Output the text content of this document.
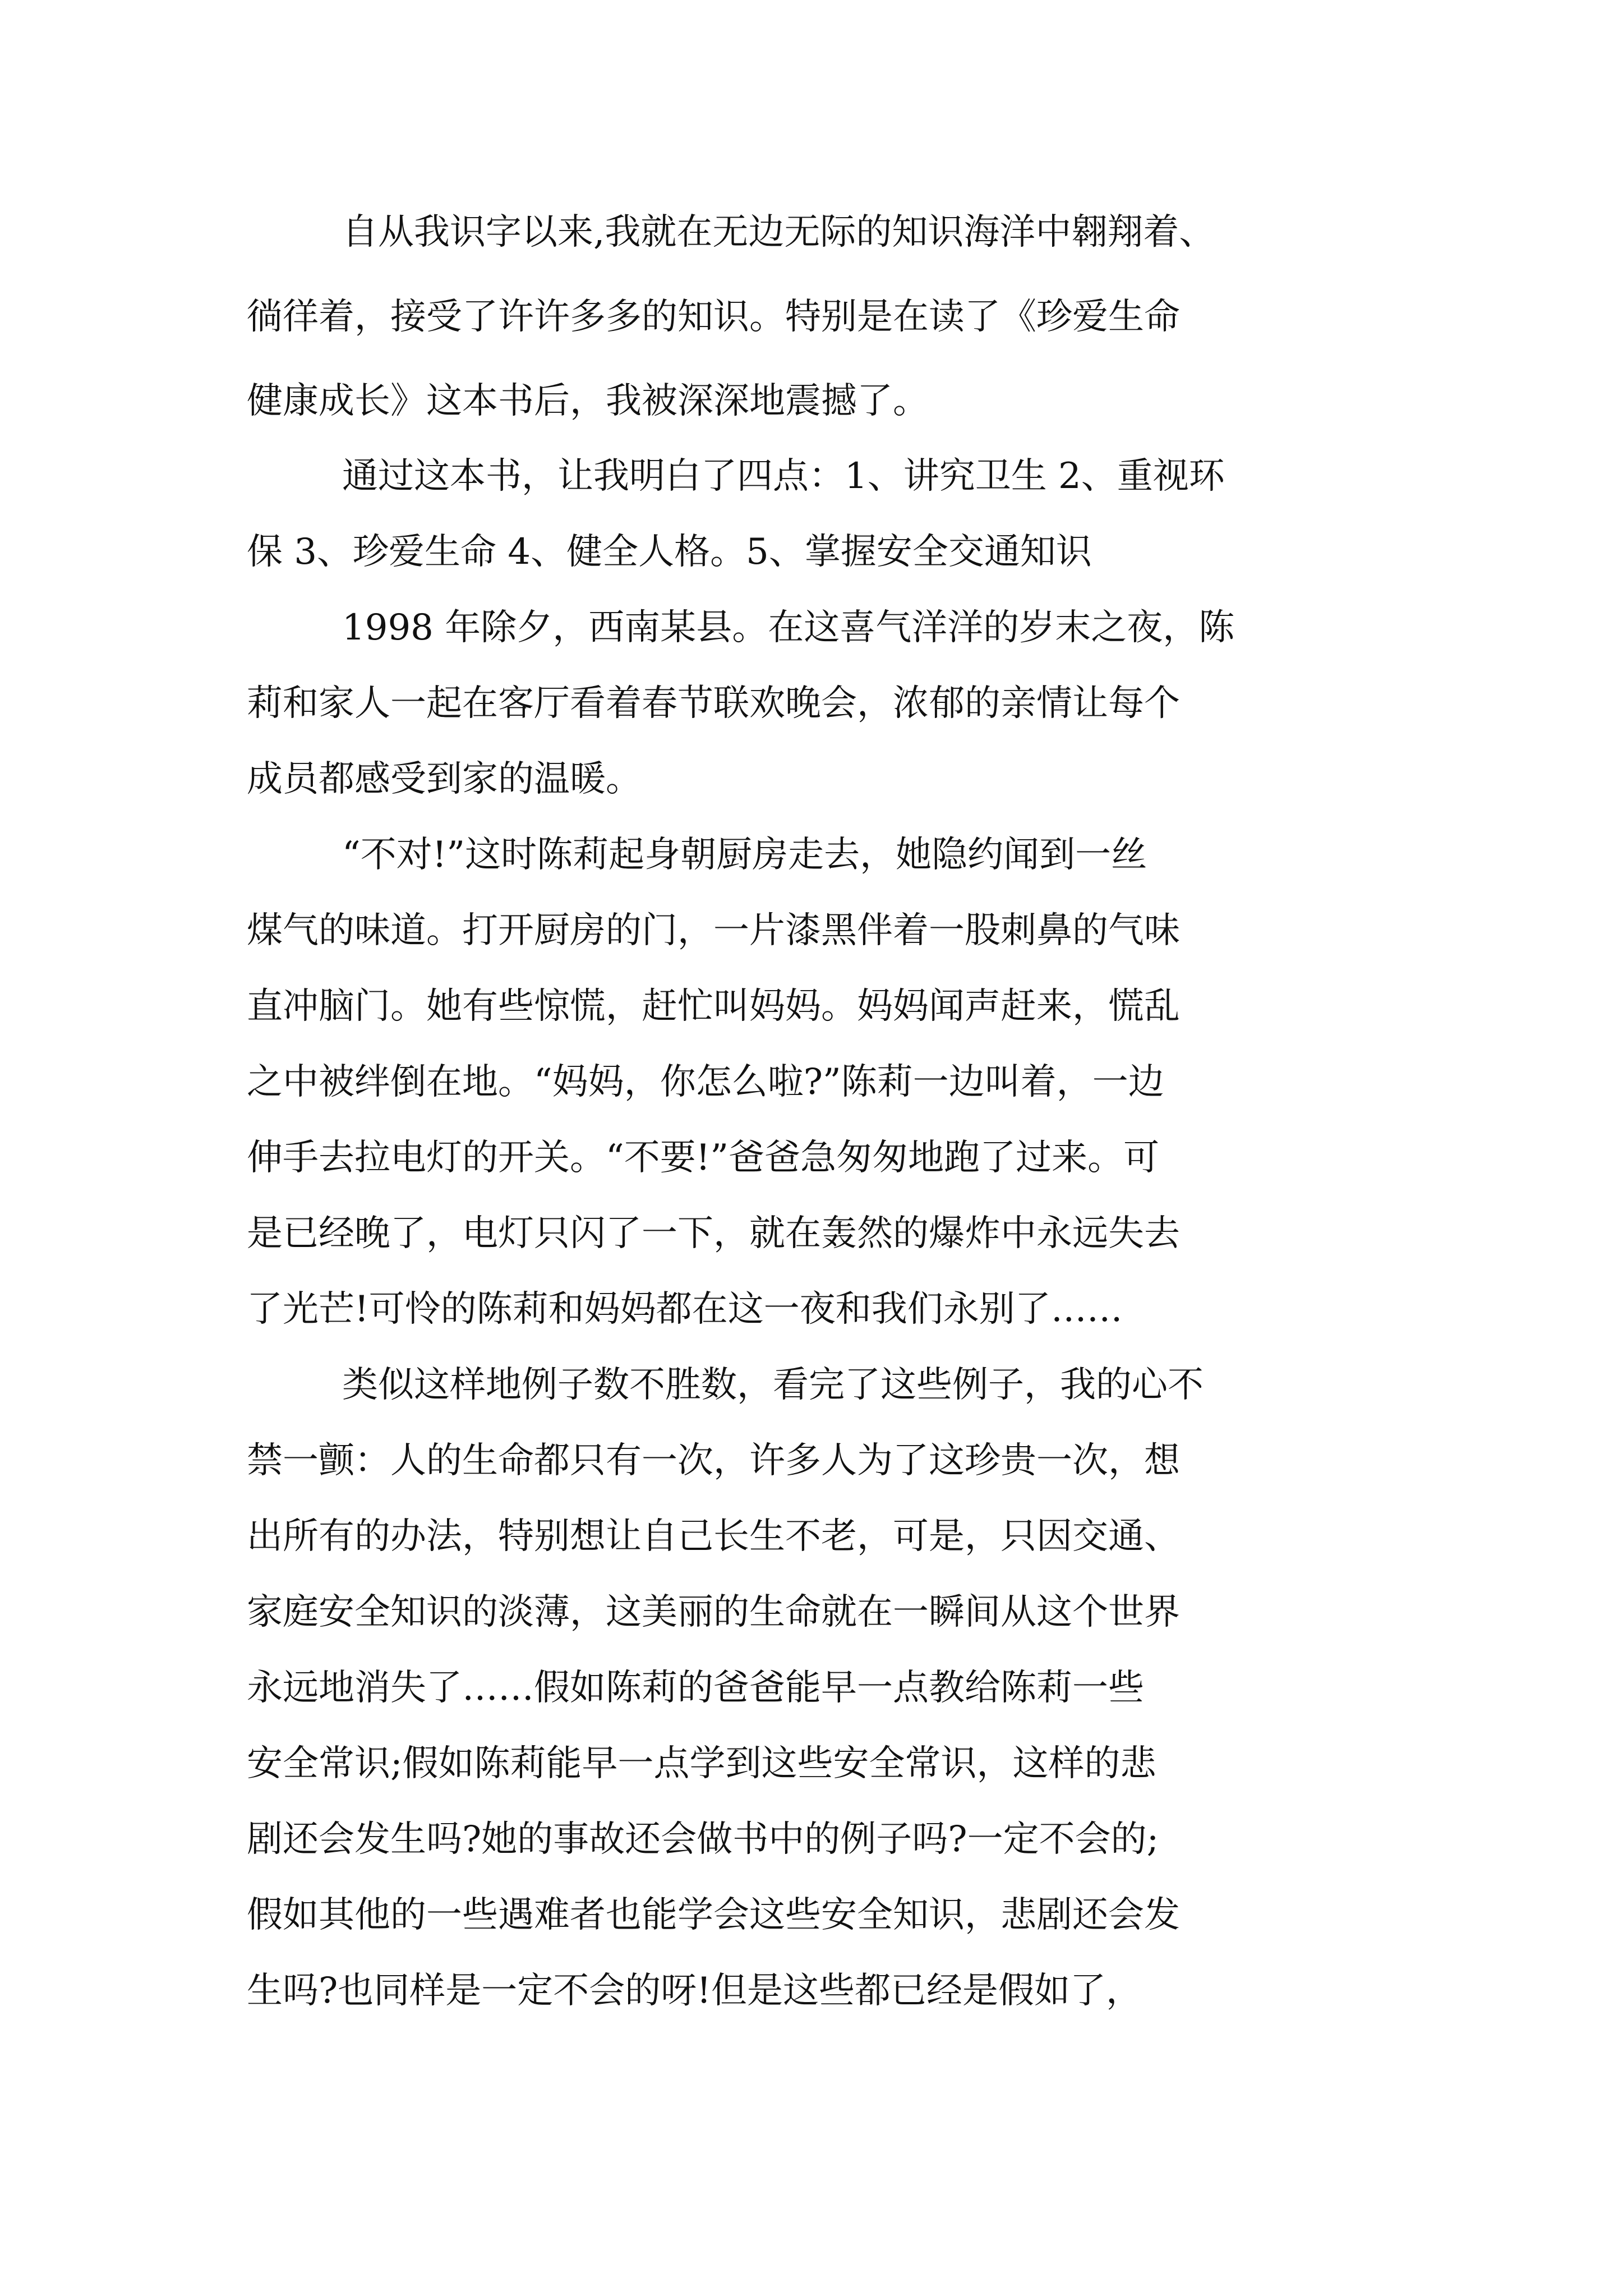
自从我识字以来,我就在无边无际的知识海洋中翱翔着、
徜徉着，接受了许许多多的知识。特别是在读了《珍爱生命
健康成长》这本书后，我被深深地震撼了。
通过这本书，让我明白了四点：1、讲究卫生 2、重视环
保 3、珍爱生命 4、健全人格。5、掌握安全交通知识
1998 年除夕，西南某县。在这喜气洋洋的岁末之夜，陈
莉和家人一起在客厅看着春节联欢晚会，浓郁的亲情让每个
成员都感受到家的温暖。
“不对!”这时陈莉起身朝厨房走去，她隐约闻到一丝
煤气的味道。打开厨房的门，一片漆黑伴着一股刺鼻的气味
直冲脑门。她有些惊慌，赶忙叫妈妈。妈妈闻声赶来，慌乱
之中被绊倒在地。“妈妈，你怎么啦?”陈莉一边叫着，一边
伸手去拉电灯的开关。“不要!”爸爸急匆匆地跑了过来。可
是已经晚了，电灯只闪了一下，就在轰然的爆炸中永远失去
了光芒!可怜的陈莉和妈妈都在这一夜和我们永别了……
类似这样地例子数不胜数，看完了这些例子，我的心不
禁一颤：人的生命都只有一次，许多人为了这珍贵一次，想
出所有的办法，特别想让自己长生不老，可是，只因交通、
家庭安全知识的淡薄，这美丽的生命就在一瞬间从这个世界
永远地消失了……假如陈莉的爸爸能早一点教给陈莉一些
安全常识;假如陈莉能早一点学到这些安全常识，这样的悲
剧还会发生吗?她的事故还会做书中的例子吗?一定不会的;
假如其他的一些遇难者也能学会这些安全知识，悲剧还会发
生吗?也同样是一定不会的呀!但是这些都已经是假如了，
